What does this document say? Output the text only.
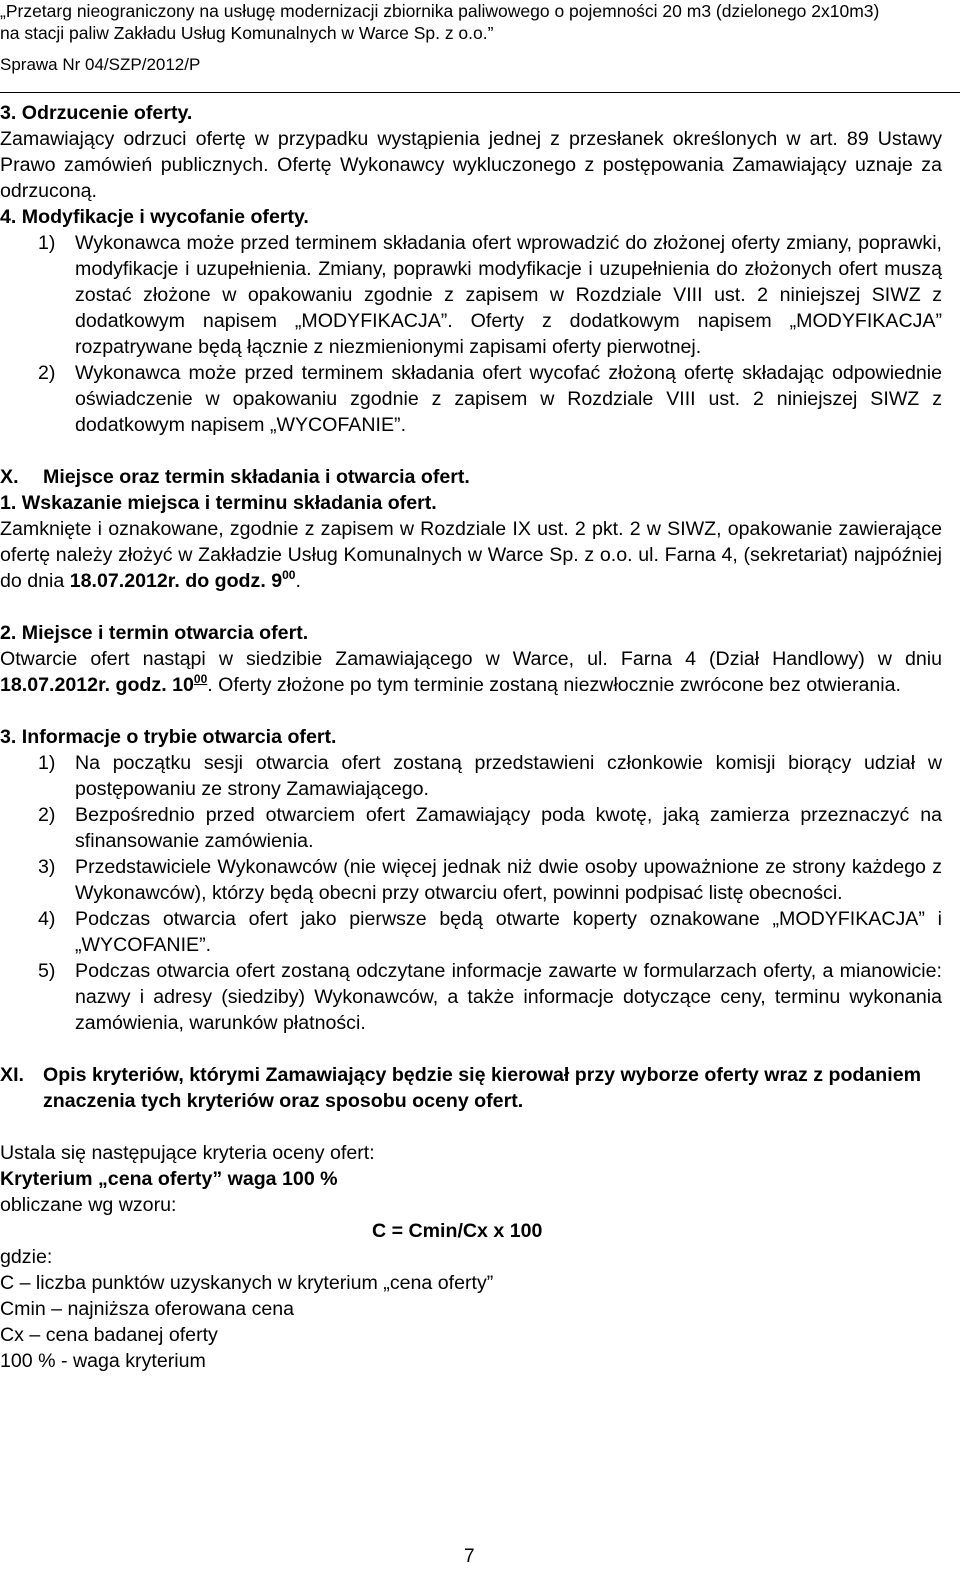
„Przetarg nieograniczony na usługę modernizacji zbiornika paliwowego o pojemności 20 m3 (dzielonego 2x10m3)
na stacji paliw Zakładu Usług Komunalnych w Warce Sp. z o.o.”
Sprawa Nr 04/SZP/2012/P
3. Odrzucenie oferty.
Zamawiający odrzuci ofertę w przypadku wystąpienia jednej z przesłanek określonych w art. 89 Ustawy Prawo zamówień publicznych. Ofertę Wykonawcy wykluczonego z postępowania Zamawiający uznaje za odrzuconą.
4. Modyfikacje i wycofanie oferty.
1) Wykonawca może przed terminem składania ofert wprowadzić do złożonej oferty zmiany, poprawki, modyfikacje i uzupełnienia. Zmiany, poprawki modyfikacje i uzupełnienia do złożonych ofert muszą zostać złożone w opakowaniu zgodnie z zapisem w Rozdziale VIII ust. 2 niniejszej SIWZ z dodatkowym napisem „MODYFIKACJA”. Oferty z dodatkowym napisem „MODYFIKACJA” rozpatrywane będą łącznie z niezmienionymi zapisami oferty pierwotnej.
2) Wykonawca może przed terminem składania ofert wycofać złożoną ofertę składając odpowiednie oświadczenie w opakowaniu zgodnie z zapisem w Rozdziale VIII ust. 2 niniejszej SIWZ z dodatkowym napisem „WYCOFANIE”.
X.	Miejsce oraz termin składania i otwarcia ofert.
1. Wskazanie miejsca i terminu składania ofert.
Zamknięte i oznakowane, zgodnie z zapisem w Rozdziale IX ust. 2 pkt. 2 w SIWZ, opakowanie zawierające ofertę należy złożyć w Zakładzie Usług Komunalnych w Warce Sp. z o.o. ul. Farna 4, (sekretariat) najpóźniej do dnia 18.07.2012r. do godz. $9^{00}$.
2. Miejsce i termin otwarcia ofert.
Otwarcie ofert nastąpi w siedzibie Zamawiającego w Warce, ul. Farna 4 (Dział Handlowy) w dniu 18.07.2012r. godz. $10^{00}$. Oferty złożone po tym terminie zostaną niezwłocznie zwrócone bez otwierania.
3. Informacje o trybie otwarcia ofert.
1) Na początku sesji otwarcia ofert zostaną przedstawieni członkowie komisji biorący udział w postępowaniu ze strony Zamawiającego.
2) Bezpośrednio przed otwarciem ofert Zamawiający poda kwotę, jaką zamierza przeznaczyć na sfinansowanie zamówienia.
3) Przedstawiciele Wykonawców (nie więcej jednak niż dwie osoby upoważnione ze strony każdego z Wykonawców), którzy będą obecni przy otwarciu ofert, powinni podpisać listę obecności.
4) Podczas otwarcia ofert jako pierwsze będą otwarte koperty oznakowane „MODYFIKACJA” i „WYCOFANIE”.
5) Podczas otwarcia ofert zostaną odczytane informacje zawarte w formularzach oferty, a mianowicie: nazwy i adresy (siedziby) Wykonawców, a także informacje dotyczące ceny, terminu wykonania zamówienia, warunków płatności.
XI. Opis kryteriów, którymi Zamawiający będzie się kierował przy wyborze oferty wraz z podaniem znaczenia tych kryteriów oraz sposobu oceny ofert.
Ustala się następujące kryteria oceny ofert:
Kryterium „cena oferty” waga 100 %
obliczane wg wzoru:
C = Cmin/Cx x 100
gdzie:
C – liczba punktów uzyskanych w kryterium „cena oferty”
Cmin – najniższa oferowana cena
Cx – cena badanej oferty
100 % - waga kryterium
7
